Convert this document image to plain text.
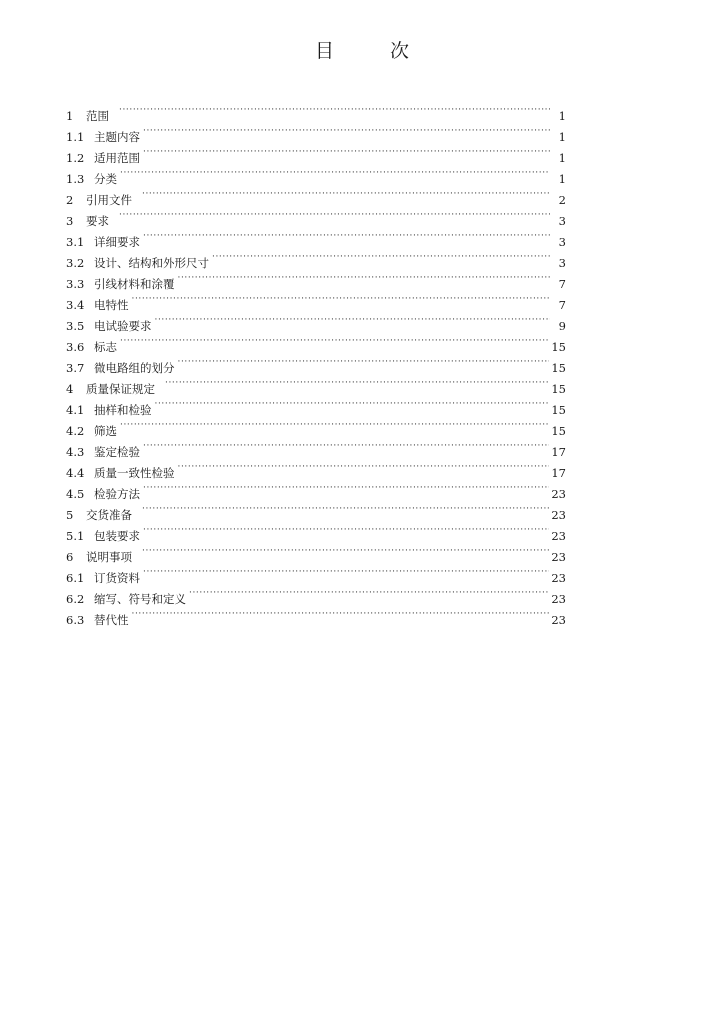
目	次
1	范围 ·····	1
1.1 主题内容 ·····	1
1.2 适用范围 ·····	1
1.3 分类 ·····	1
2	引用文件 ·····	2
3	要求 ·····	3
3.1 详细要求 ·····	3
3.2 设计、结构和外形尺寸 ·····	3
3.3 引线材料和涂覆 ·····	7
3.4 电特性 ·····	7
3.5 电试验要求 ·····	9
3.6 标志 ·····	15
3.7 微电路组的划分 ·····	15
4	质量保证规定 ·····	15
4.1 抽样和检验 ·····	15
4.2 筛选 ·····	15
4.3 鉴定检验 ·····	17
4.4 质量一致性检验 ·····	17
4.5 检验方法 ·····	23
5	交货准备 ·····	23
5.1 包装要求 ·····	23
6	说明事项 ·····	23
6.1 订货资料 ·····	23
6.2 缩写、符号和定义 ·····	23
6.3 替代性 ·····	23
